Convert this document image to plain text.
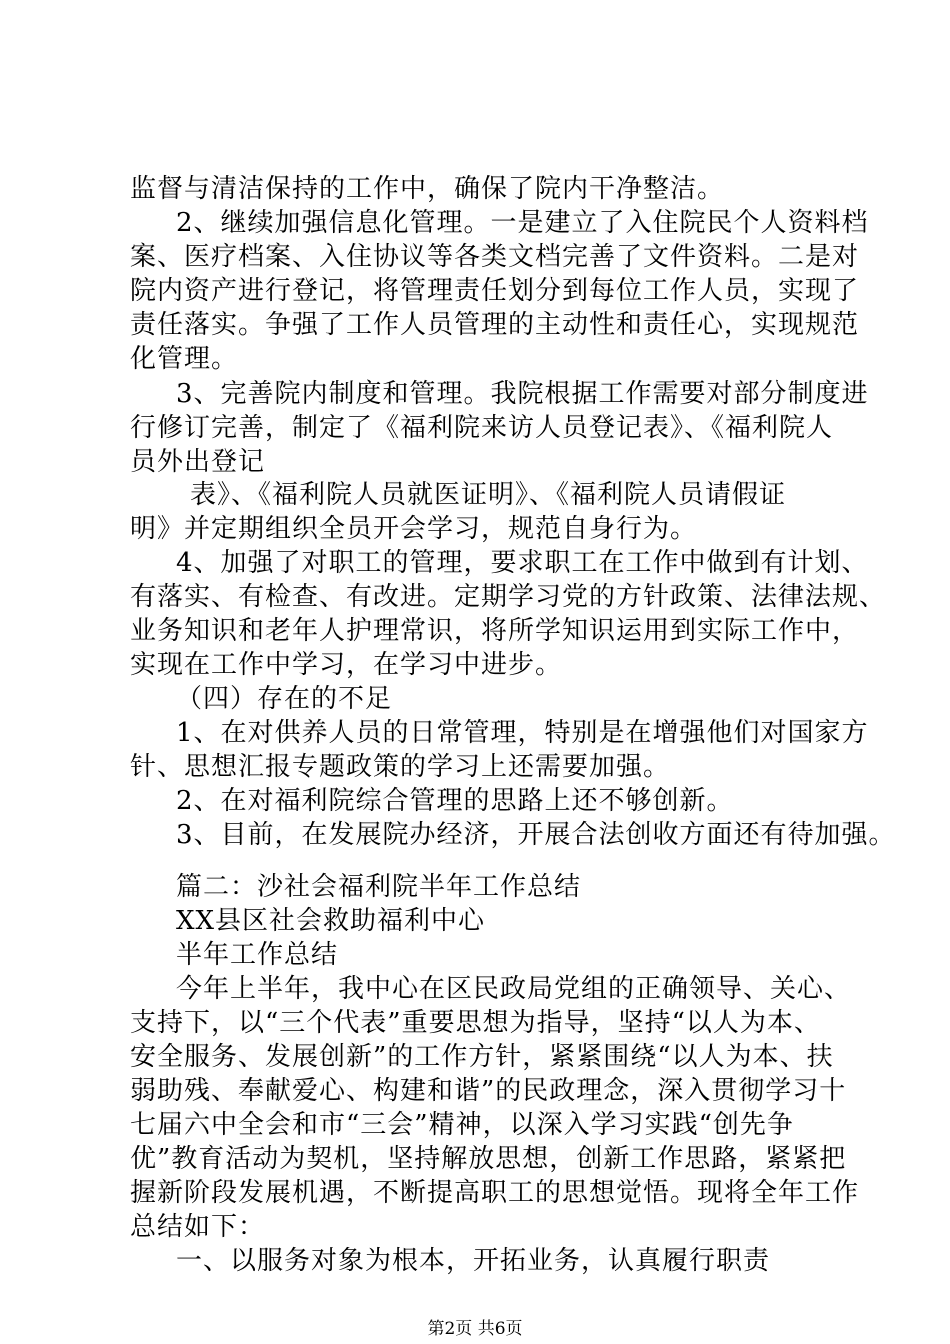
监督与清洁保持的工作中，确保了院内干净整洁。
2、继续加强信息化管理。一是建立了入住院民个人资料档
案、医疗档案、入住协议等各类文档完善了文件资料。二是对
院内资产进行登记，将管理责任划分到每位工作人员，实现了
责任落实。争强了工作人员管理的主动性和责任心，实现规范
化管理。
3、完善院内制度和管理。我院根据工作需要对部分制度进
行修订完善，制定了《福利院来访人员登记表》、《福利院人
员外出登记
表》、《福利院人员就医证明》、《福利院人员请假证
明》并定期组织全员开会学习，规范自身行为。
4、加强了对职工的管理，要求职工在工作中做到有计划、
有落实、有检查、有改进。定期学习党的方针政策、法律法规、
业务知识和老年人护理常识，将所学知识运用到实际工作中，
实现在工作中学习，在学习中进步。
（四）存在的不足
1、在对供养人员的日常管理，特别是在增强他们对国家方
针、思想汇报专题政策的学习上还需要加强。
2、在对福利院综合管理的思路上还不够创新。
3、目前，在发展院办经济，开展合法创收方面还有待加强。
篇二：沙社会福利院半年工作总结
XX县区社会救助福利中心
半年工作总结
今年上半年，我中心在区民政局党组的正确领导、关心、
支持下，以“三个代表”重要思想为指导，坚持“以人为本、
安全服务、发展创新”的工作方针，紧紧围绕“以人为本、扶
弱助残、奉献爱心、构建和谐”的民政理念，深入贯彻学习十
七届六中全会和市“三会”精神，以深入学习实践“创先争
优”教育活动为契机，坚持解放思想，创新工作思路，紧紧把
握新阶段发展机遇，不断提高职工的思想觉悟。现将全年工作
总结如下：
一、以服务对象为根本，开拓业务，认真履行职责
第2页 共6页
